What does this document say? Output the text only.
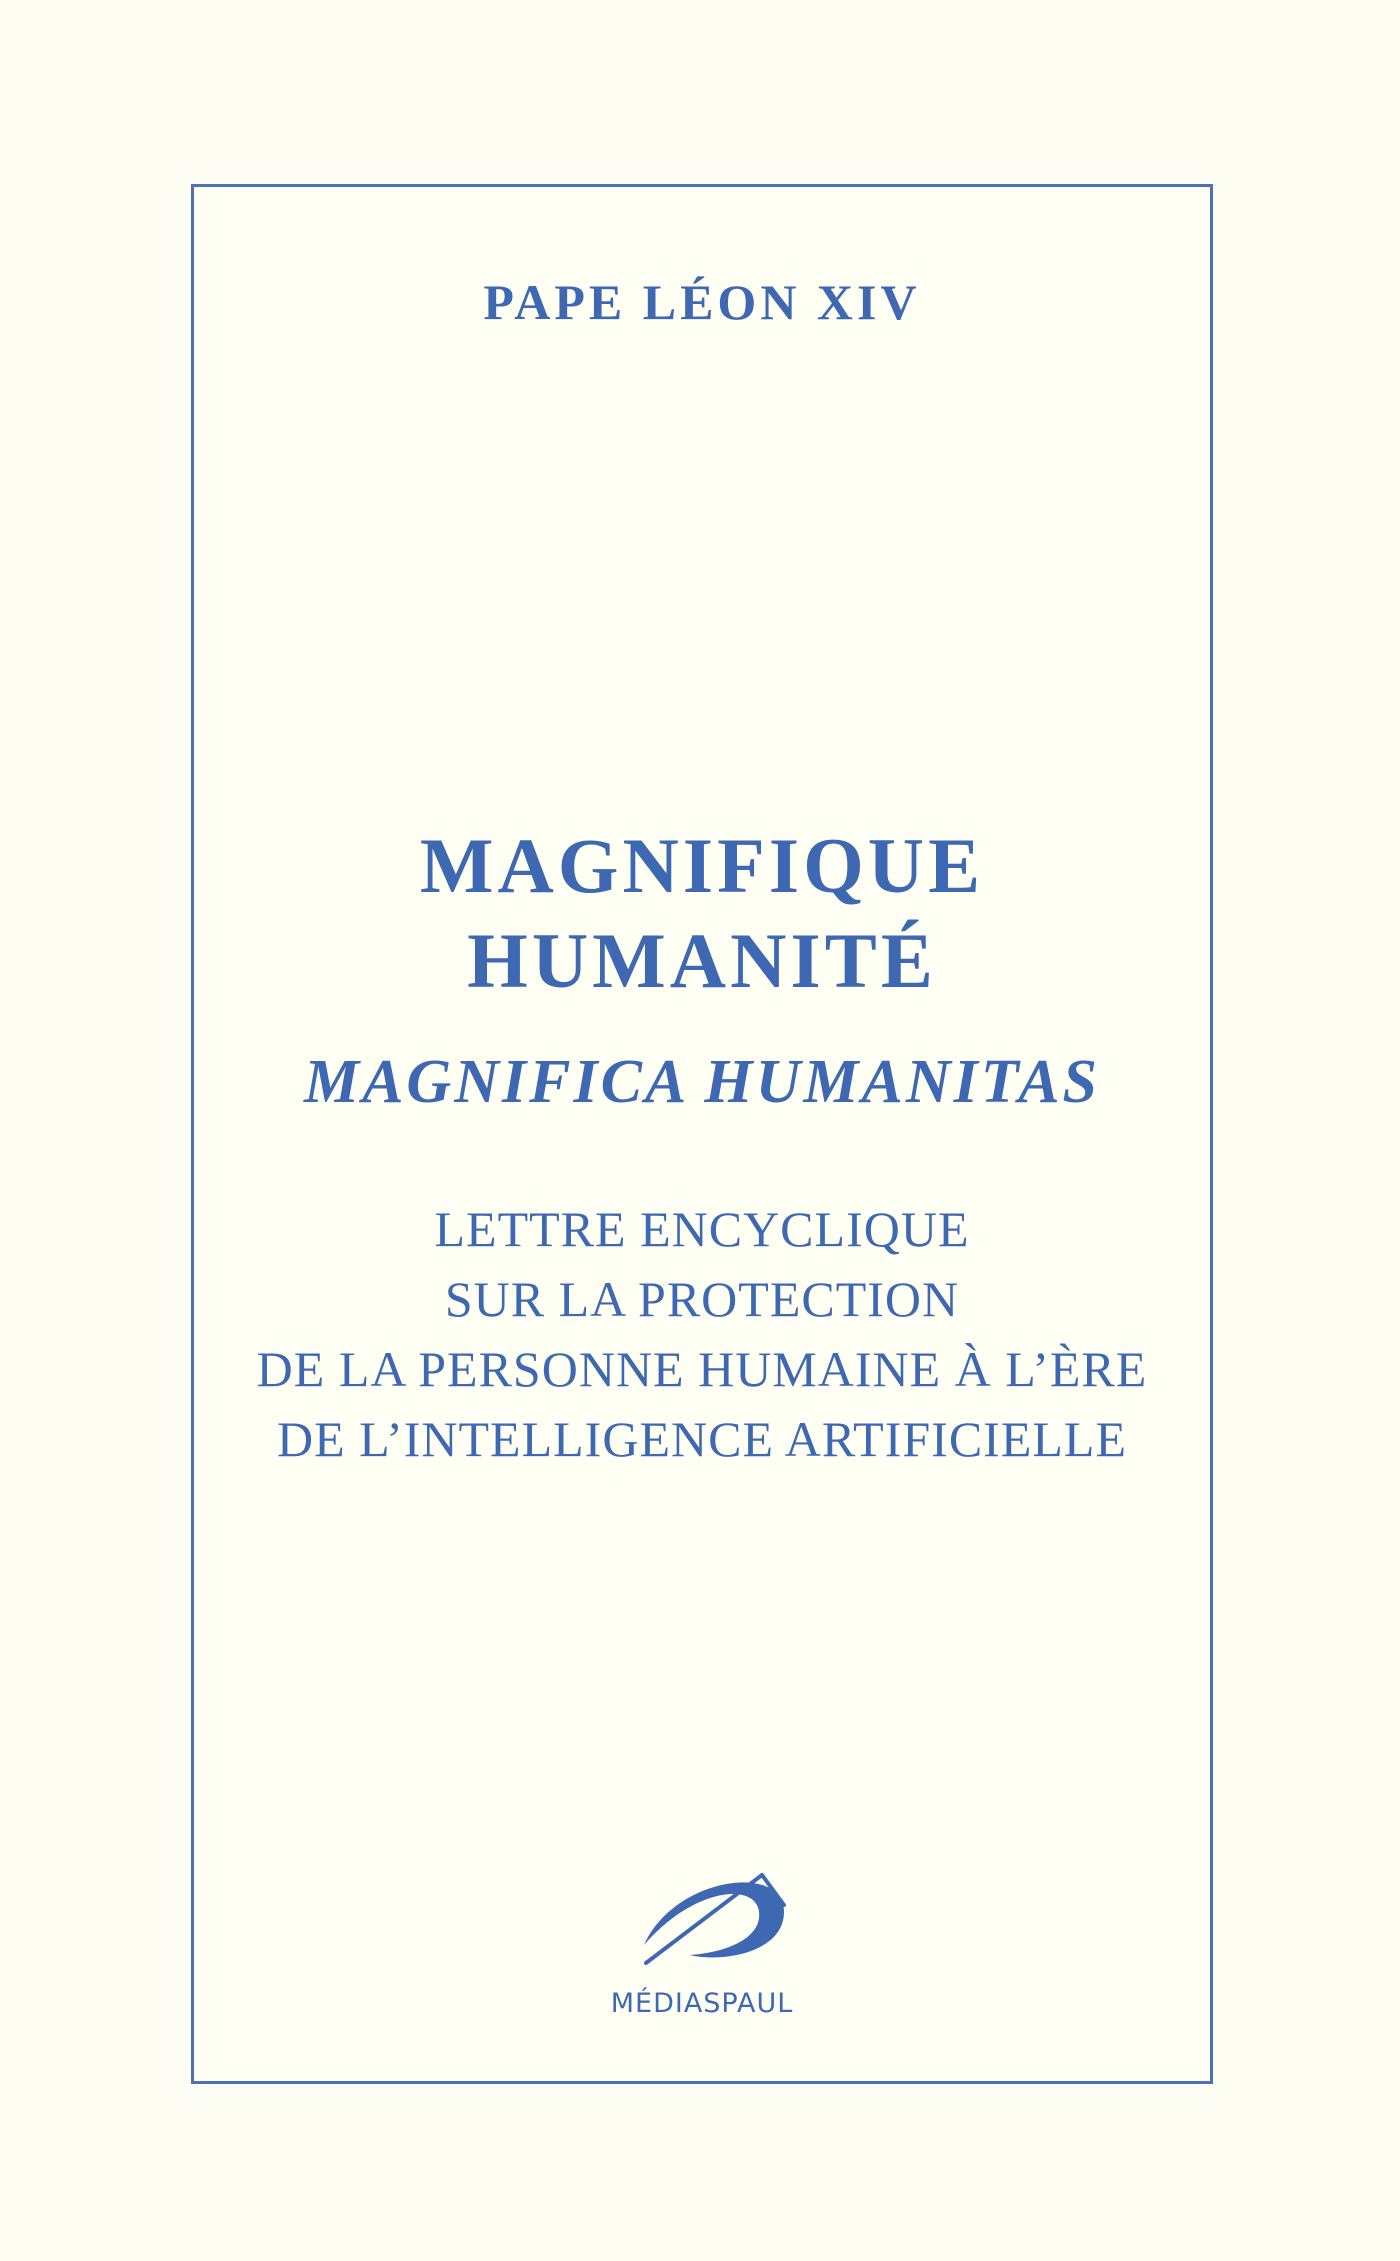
PAPE LÉON XIV
MAGNIFIQUE
HUMANITÉ
MAGNIFICA HUMANITAS
LETTRE ENCYCLIQUE
SUR LA PROTECTION
DE LA PERSONNE HUMAINE À L’ÈRE
DE L’INTELLIGENCE ARTIFICIELLE
MÉDIASPAUL
